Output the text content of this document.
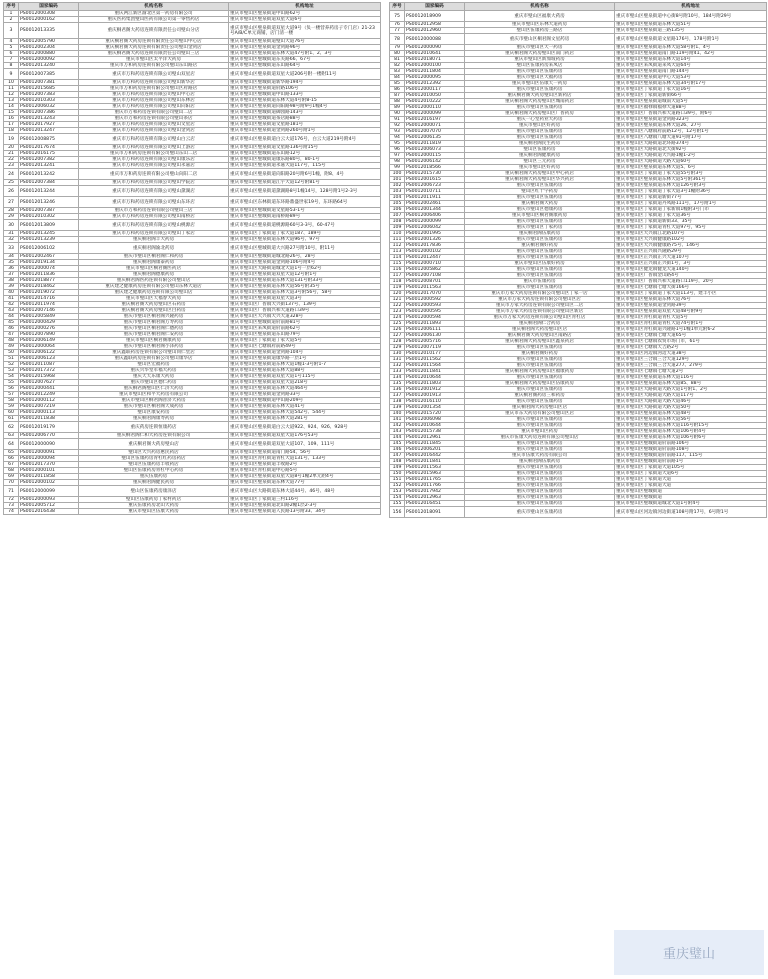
序号	国家编码	机构名称	机构地址
1	PS0012000308	重庆两江新区渝北区第一药房有限公司	重庆市璧山区璧泉街道中山路62号
2	PS0012000162	重庆医药集团璧山医药有限公司第一零售药店	重庆市璧山区璧泉街道双星大道6号
3	PS0012013335	重庆桐君阁大药房连锁有限责任公司璧山分店	重庆市璧山区璧泉街道双星大道9号（负一楼营养药房子专门店）21-23号A/B/C单元商铺，店门清一楼
4	PS0012005790	重庆桐君阁大药房连锁有限责任公司璧山中心店	重庆市璧山区璧泉街道璧山大道76号
5	PS0012002304	重庆桐君阁大药房连锁有限责任公司璧山金剑店	重庆市璧山区璧泉街道金剑路96号
6	PS0012000880	重庆桐君阁大药房连锁有限责任公司璧山三店	重庆市璧山区璧泉街道东林大道47号附1、2、3号
7	PS0012000092	重庆市璧山区太平洋大药房	重庆市璧山区璧城街道东关路66、67号
8	PS0012013240	重庆市万和药房连锁有限公司璧山东山路店	重庆市璧山区璧城街道东山路64号
9	PS0012007385	重庆市万和药房连锁有限公司璧山双星店	重庆市璧山区璧泉街道双星大道206号附一楼附11号
10	PS0012007381	重庆市万和药房连锁有限公司璧山新华店	重庆市璧山区璧城街道新华路194号
11	PS0012015685	重庆市万和药房连锁有限公司璧山区府路店	重庆市璧山区璧泉街道府路106号
12	PS0012007383	重庆市万和药房连锁有限公司璧山中心店	重庆市璧山区璧城街道中山路133号
13	PS0012010303	重庆市万和药房连锁有限公司璧山东林店	重庆市璧山区璧泉街道东林大道4号附8-15
14	PS0012006032	重庆市万和药房连锁有限公司璧山向阳店	重庆市璧山区璧泉街道向阳路98号附9号1幢4号
15	PS0012007386	重庆市万和药房连锁有限公司璧山二店	重庆市璧山区璧城街道御园路143号
16	PS0012013243	重庆市万和药房连锁有限公司璧山茶店	重庆市璧山区璧城街道茶店路88号
17	PS0012017927	重庆市万和药房连锁有限公司璧山文星店	重庆市璧山区璧泉街道文星路181号
18	PS0012013247	重庆市万和药房连锁有限公司璧山金剑店	重庆市璧山区璧泉街道金剑路260号附1号
19	PS0012008875	重庆市万和药房连锁有限公司璧山白云店	重庆市璧山区璧泉街道白云大道176号，白云大道219号附4号
20	PS0012017674	重庆市万和药房连锁有限公司璧山上游店	重庆市璧山区璧泉街道文星路136号附15号
21	PS0012016175	重庆市万和药房连锁有限公司璧山东山二店	重庆市璧山区璧城街道东山路12号
22	PS0012007382	重庆市万和药房连锁有限公司璧山康乐店	重庆市璧山区璧城街道康乐路80号，80-1号
23	PS0012013241	重庆市万和药房连锁有限公司璧山永嘉店	重庆市璧山区璧泉街道永嘉大道117号，115号
24	PS0012013242	重庆市万和药房连锁有限公司璧山向阳二店	重庆市璧山区璧泉街道向阳路20号附6号1幢，附8、4号
25	PS0012007384	重庆市万和药房连锁有限公司璧山学院店	重庆市璧山区璧泉街道江宇大道12号附81号
26	PS0012013244	重庆市万和药房连锁有限公司璧山黛湖店	重庆市璧山区璧泉街道黛湖路8号1幢14号，128号附1号2-3号
27	PS0012013246	重庆市万和药房连锁有限公司璧山东环店	重庆市璧山区东林街道东环路鼎盛世家19号，东环路64号
28	PS0012007387	重庆市万和药房连锁有限公司璧山三店	重庆市璧山区璧城街道文星路53-1号
29	PS0012010302	重庆市万和药房连锁有限公司璧山南桥店	重庆市璧山区璧城街道南桥路89号
30	PS0012013809	重庆市万和药房连锁有限公司璧山桃源店	重庆市璧山区璧泉街道桃源路60号3-3号，60-47号
31	PS0012013245	重庆市万和药房连锁有限公司璧山丁家店	重庆市璧山区丁家街道丁家大道187、189号
32	PS0012013239	重庆桐君阁丰大药房	重庆市璧山区璧泉街道东林大道96号、97号
33	PS0012006102	重庆桐君阁渝北药房	重庆市璧山区璧城街道大兴路27号附10号，附11号
34	PS0012002467	重庆市璧山区桐君阁仁和药房	重庆市璧山区璧城街道城北路26号，28号
35	PS0012019134	重庆桐君阁康泰药房	重庆市璧山区璧泉街道金剑路106号附4号
36	PS0012000074	重庆市璧山区桐君阁医药店	重庆市璧山区大路街道城北大道1号一层62号
37	PS0012011836	重庆桐君阁德康药房	重庆市璧山区璧泉街道双星大道12号附1号
38	PS0012018877	重庆桐君阁医药连锁有限公司璧山店	重庆市璧山区璧泉街道东林大道131号附33号
39	PS0012018462	重庆建之健康药房连锁有限公司璧山东林大道店	重庆市璧山区璧泉街道东林大道56号附35号
40	PS0012019072	重庆建之健康药房连锁有限公司璧山店	重庆市璧山区璧泉街道东林大道3号附56号，58号
41	PS0012014716	重庆市璧山区天福春大药房	重庆市璧山区璧泉街道双星大道3号
42	PS0012011974	重庆桐君阁大药房璧山区石药房	重庆市璧山区广普镇大兴街137号、139号
43	PS0012007146	重庆桐君阁大药房璧山区白药房	重庆市璧山区广普镇兴和大道路口39号
44	PS0012005849	重庆市璧山区桐君阁兴隆药房	重庆市璧山区大兴镇大兴大道328号
45	PS0012000429	重庆市璧山区桐君阁万寿药房	重庆市璧山区璧城街道府前路81号
46	PS0012000276	重庆市璧山区桐君阁仁德药房	重庆市璧山区来凤街道府前路62号
47	PS0012007890	重庆市璧山区桐君阁仁安药房	重庆市璧山区璧泉街道东山路79号
48	PS0012006149	重庆市璧山区桐君阁康药房	重庆市璧山区丁家街道丁家大道5号
49	PS0012000064	重庆市璧山区桐君阁小泽药房	重庆市璧山区七塘镇府前路49号
50	PS0012006122	重庆鑫联药房连锁有限公司璧山同仁堂店	重庆市璧山区璧泉街道金剑路104号
51	PS0012006123	重庆鑫联药房连锁有限公司璧山康华店	重庆市璧山区璧泉街道康华路一层1号
52	PS0012011087	璧山区宏福药房	重庆市璧山区璧泉街道东林大道1幢1-3号附1-7
53	PS0012017372	重庆兴华堂军福大药房	重庆市璧山区璧泉街道东林大道88号
54	PS0012015968	重庆天天乐康大药房	重庆市璧山区璧泉街道双星大道1号115号
55	PS0012007627	重庆市璧山区德仁药房	重庆市璧山区璧泉街道双星大道218号
56	PS0012000441	重庆桐君阁璧山区仁济大药房	重庆市璧山区璧泉街道东林大道464号
57	PS0012012249	重庆市璧山区和平大药房有限公司	重庆市璧山区璧泉街道金剑路33号
58	PS0012000112	重庆市璧山区桐君阁普济大药房	重庆市璧山区璧城街道中山路209号
59	PS0012007219	重庆市璧山区桐君阁天成药房	重庆市璧山区璧泉街道东林大道41号
60	PS0012000113	璧山区康安药房	重庆市璧山区璧泉街道东林大道542号、544号
61	PS0012011838	重庆桐君阁康寿药房	重庆市璧山区璧泉街道东林大道281号
62	PS0012019179	重庆药房连锁恒康药店	重庆市璧山区璧泉街道白云大道922、924、926、928号
63	PS0012006770	重庆桐君阁仁和大药房连锁有限公司	重庆市璧山区璧泉街道双星大道176号53号
64	PS0012000090	重庆桐君阁大药房璧山店	重庆市璧山区璧泉街道双星大道107、109、111号
65	PS0012000091	璧山区大兴药房惠民药店	重庆市璧山区璧泉街道南门路54、56号
66	PS0012000094	璧山区伍康药房青杠红药房药店	重庆市璧山区青杠街道青杠大道131号、133号
67	PS0012017370	璧山区伍康药房丰收药店	重庆市璧山区璧泉街道丰收路2号
68	PS0012000101	璧山区伍康药房青杠中心药房	重庆市璧山区青杠街道中心路5号
69	PS0012011858	重庆伍康药房	重庆市璧山区璧泉街道双星大道8号1幢2单元附4号
70	PS0012000102	重庆桐君阁健民药房	重庆市璧山区璧泉街道东林大道77号
71	PS0012000099	璧山区伍康药房康泽店	重庆市璧山区大路街道东林大道44号、46号、48号
72	PS0012000093	璧山区伍康药房丁家村药店	重庆市璧山区丁家街道三村116号
73	PS0012005712	重庆伍康药房北山大药房	重庆市璧山区璧泉街道北山路2幢1层2-3号
74	PS0012016438	重庆市璧山区伍康大药房	重庆市璧山区璧泉街道人民路13号附33、34号
序号	国家编码	机构名称	机构地址
75	PS0012018909	重庆市璧山区福康大药房	重庆市璧山区璧泉街道中心街8号附10号，184号附29号
76	PS0012012958	重庆市璧山区东林大道药房	重庆市璧山区璧泉街道东林大道51号
77	PS0012012960	璧山区伍康药房三路店	重庆市璧山区璧泉街道三路135号
78	PS0012000088	重庆市璧山区桐君阁文星药房	重庆市璧山区璧泉街道文星路176号，178号附1号
79	PS0012000090	重庆市璧山区天一药房	重庆市璧山区璧泉街道东林大道58号附1、4号
80	PS0012010641	重庆桐君阁大药房璧山区南门药店	重庆市璧山区璧泉街道南门路119号附41、42号
81	PS0012018071	重庆市璧山区新加坡药房	重庆市璧山区璧泉街道东林大道14号
82	PS0012000100	璧山区伍康药房来凤店	重庆市璧山区来凤街道来凤大道64号
83	PS0012011804	重庆市璧山区伍康药房	重庆市璧山区璧泉街道南门路144号
84	PS0012000095	重庆市璧山区天福药房	重庆市璧山区璧泉街道中心大道53号
85	PS0012012392	重庆市璧山区伍康天一药房	重庆市璧山区璧泉街道东林大道34号附17号
86	PS0012000117	重庆市璧山区伍康药房	重庆市璧山区丁家街道丁家大道16号
87	PS0012010050	重庆桐君阁大药房璧山区新药店	重庆市璧山区丁家街道新街66号
88	PS0012010222	重庆桐君阁大药房璧山区城南药店	重庆市璧山区璧泉街道城南大道5号
89	PS0012000110	重庆市璧山区伍康药房	重庆市璧山区福禄镇福禄大道88号
90	PS0012000099	重庆桐君阁大药房璧山区广普药房	重庆市璧山区广普镇兴和大道路口39号，附6号
91	PS0012016197	重庆一心堂药业大药房	重庆市璧山区璧泉街道金剑路323号
92	PS0012000071	重庆市璧山区好药房	重庆市璧山区璧泉街道东林大道26、27号
93	PS0012007070	重庆市璧山区伍康药房	重庆市璧山区八塘镇府前路12号，12号附1号
94	PS0012006135	重庆市璧山区伍康药房	重庆市璧山区八塘镇八塘大道91号附17号
95	PS0012011819	重庆桐君阁民生药房	重庆市璧山区大路街道北环路374号
96	PS0012006073	璧山区伍康药房	重庆市璧山区大路街道北大街92号
97	PS0012000115	重庆桐君阁健康药房	重庆市璧山区大路街道大兴路1幢1-2号
98	PS0012006142	璧山区三元药房	重庆市璧山区大路街道大路大道60号
99	PS0012018566	重庆市璧山区好药房	重庆市璧山区璧泉街道东林大道5、6号
100	PS0012015730	重庆桐君阁大药房璧山区中心药店	重庆市璧山区丁家街道丁家大道55号附3号
101	PS0012001615	重庆桐君阁大药房璧山区华兴药店	重庆市璧山区璧泉街道东林大道5号附361号
102	PS0012006723	重庆市璧山区伍康药房	重庆市璧山区璧泉街道东林大道126号附3号
103	PS0012010711	璧山区红十字药房	重庆市璧山区丁家街道丁家大道3号1幢附36号
104	PS0012011911	重庆市璧山区伍康药房	重庆市璧山区丁家街道新街77号
105	PS0012002461	重庆桐君阁大药房	重庆市璧山区丁家街道丹凤路111号，17号附1号
106	PS0012001344	重庆市璧山区德康药房	重庆市璧山区丁家街道丁家新镇1幢附3号门市
107	PS0012006406	重庆市璧山区桐君阁康药房	重庆市璧山区丁家街道丁家大道36号
108	PS0012000099	重庆市璧山区伍康药房	重庆市璧山区丁家街道新街33、35号
109	PS0012006042	重庆市璧山区丁家药房	重庆市璧山区丁家街道青杠大道97号，95号
110	PS0012001995	重庆桐君阁伍康药房	重庆市璧山区大兴镇江北路107号
111	PS0012001326	重庆市璧山区伍康药房	重庆市璧山区大兴镇健康路102号
112	PS0012017836	重庆桐君阁好药房	重庆市璧山区大兴镇健康路75号、146号
113	PS0012000102	重庆市璧山区伍康药房	重庆市璧山区正兴镇兴隆路29号
114	PS0012012447	重庆市璧山区伍康药房	重庆市璧山区正兴镇正兴大道107号
115	PS0012000710	重庆市璧山区伍康好药房	重庆市璧山区正兴镇正兴街1号，3号
116	PS0012005862	重庆市璧山区伍康药房	重庆市璧山区健龙镇健龙大道140号
117	PS0012007108	重庆市璧山区伍康药房	重庆市璧山区广普镇金山路4号
118	PS0012008701	重庆市伍康药房	重庆市璧山区广普镇兴和大道路口119号，20号
119	PS0012011563	重庆市璧山区伍康药房	重庆市璧山区七塘镇七塘大街166号
120	PS0012017070	重庆市万家大药房连锁有限公司璧山区丁家一店	重庆市璧山区丁家街道丁家大道113号，建丰小区
121	PS0012000592	重庆市万家大药房连锁有限公司璧山区店	重庆市璧山区璧泉街道东林大道76号
122	PS0012000593	重庆市万家大药房连锁有限公司璧山区二店	重庆市璧山区璧泉街道金剑路39号
123	PS0012000595	重庆市万家大药房连锁有限公司璧山区新店	重庆市璧山区璧泉街道双星大道48号附9号
124	PS0012000594	重庆市万家大药房连锁有限公司璧山区青杠店	重庆市璧山区青杠街道青杠大道5号
125	PS0012011893	重庆桐君阁仁合药房	重庆市璧山区青杠街道青杠大道74号附1号
126	PS0012006111	重庆桐君阁大药房璧山区店	重庆市璧山区青杠街道兴隆路1号1幢1单元附6-2
127	PS0012006130	重庆桐君阁大药房璧山区南路店	重庆市璧山区七塘镇七塘大道65号
128	PS0012005716	重庆桐君阁大药房璧山区鑫泉药店	重庆市璧山区七塘镇农贸市场门市，61号
129	PS0012007119	重庆市璧山区伍康药房	重庆市璧山区七塘镇天吉路2号
130	PS0012010177	重庆桐君阁好药房	重庆市璧山区河边镇河边大道38号
131	PS0012011562	重庆市璧山区伍康药房	重庆市璧山区三合镇三合大道129号
132	PS0012011564	重庆市璧山区伍康药房	重庆市璧山区三合镇三合大道277、279号
133	PS0012011841	重庆桐君阁大药房璧山区福康药房	重庆市璧山区七塘镇七塘大道2号
134	PS0012010644	重庆市璧山区伍康药房	重庆市璧山区璧泉街道东林大道116号
135	PS0012011803	重庆桐君阁大药房璧山区伍康药房	重庆市璧山区璧泉街道东林大道85、88号
136	PS0012001912	重庆市璧山区伍康药房	重庆市璧山区大路街道大路大道1号附1、2号
137	PS0012001913	重庆桐君阁药房三和药房	重庆市璧山区大路街道大路大道117号
138	PS0012016110	重庆市璧山区伍康药房	重庆市璧山区大路街道大路大道46号
139	PS0012001354	重庆桐君阁大药房璧山区店	重庆市璧山区大路街道大路大道50号
140	PS0012015720	重庆市东大药房有限公司璧山区店	重庆市璧山区璧泉街道东林大道48号
141	PS0012006098	重庆市璧山区伍康药房	重庆市璧山区璧泉街道东林大道56号
142	PS0012010644	重庆市璧山区伍康药房	重庆市璧山区璧泉街道东林大道116号附15号
143	PS0012015738	重庆市璧山区药房	重庆市璧山区璧泉街道东林大道106号附4号
144	PS0012012961	重庆市伍康大药房连锁有限公司璧山店	重庆市璧山区璧泉街道东林大道106号附6号
145	PS0012011845	重庆市璧山区伍康药房	重庆市璧山区璧城街道府前路106号
146	PS0012006201	重庆市璧山区伍康药房	重庆市璧山区璧城街道府前路108号
147	PS0012016442	重庆市伍康大药房有限公司	重庆市璧山区璧城街道府前路117、115号
148	PS0012011841	重庆桐君阁伍康药房	重庆市璧山区璧城街道府前路1号
149	PS0012011563	重庆市璧山区伍康药房	重庆市璧山区丁家街道大道105号
150	PS0012015963	重庆市璧山区伍康药房	重庆市璧山区丁家街道大道6号
151	PS0012011765	重庆市璧山区伍康药房	重庆市璧山区丁家街道大道
152	PS0012011766	重庆市璧山区伍康药房	重庆市璧山区丁家街道大道
153	PS0012017942	重庆市璧山区伍康药房	重庆市璧山区璧城街道
154	PS0012012963	重庆市璧山区伍康药房	重庆市璧山区璧城街道
155	PS0012016451	重庆市璧山区伍康药房	重庆市璧山区璧城街道城北大道1号附4号
156	PS0012018091	重庆市璧山区伍康药房	重庆市璧山区河边镇河边街道108号附17号，6号附1号
重庆璧山
